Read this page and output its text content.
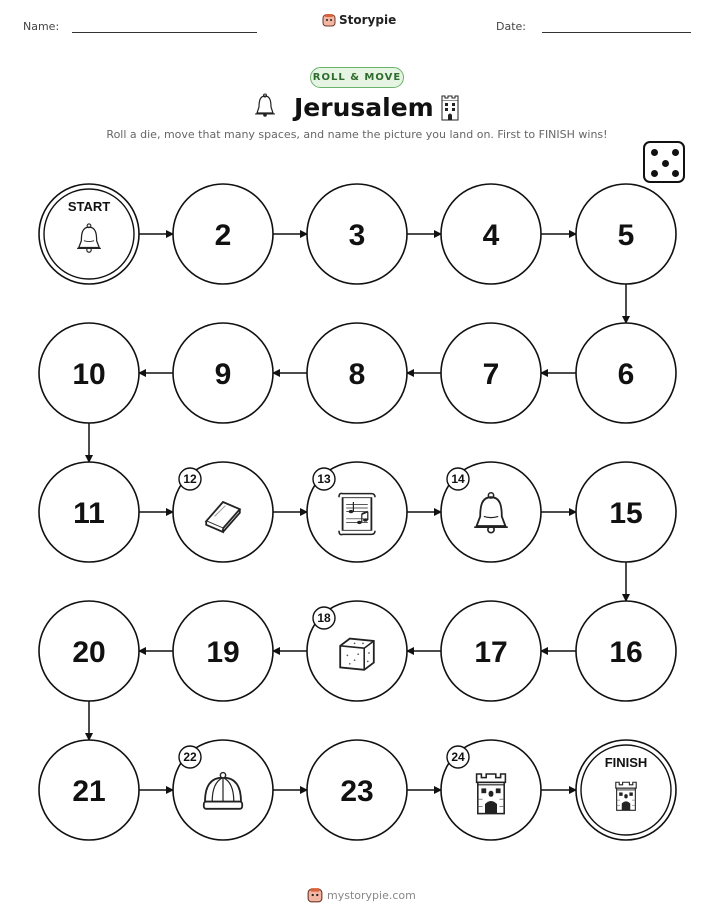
Name:	Storypie	Date:
ROLL & MOVE
Jerusalem
Roll a die, move that many spaces, and name the picture you land on. First to FINISH wins!
START
2	3	4	5
6
7
8
9
10
11
12	13	14
15
16
17
18
19
20
21
22
23
24	FINISH
mystorypie.com
